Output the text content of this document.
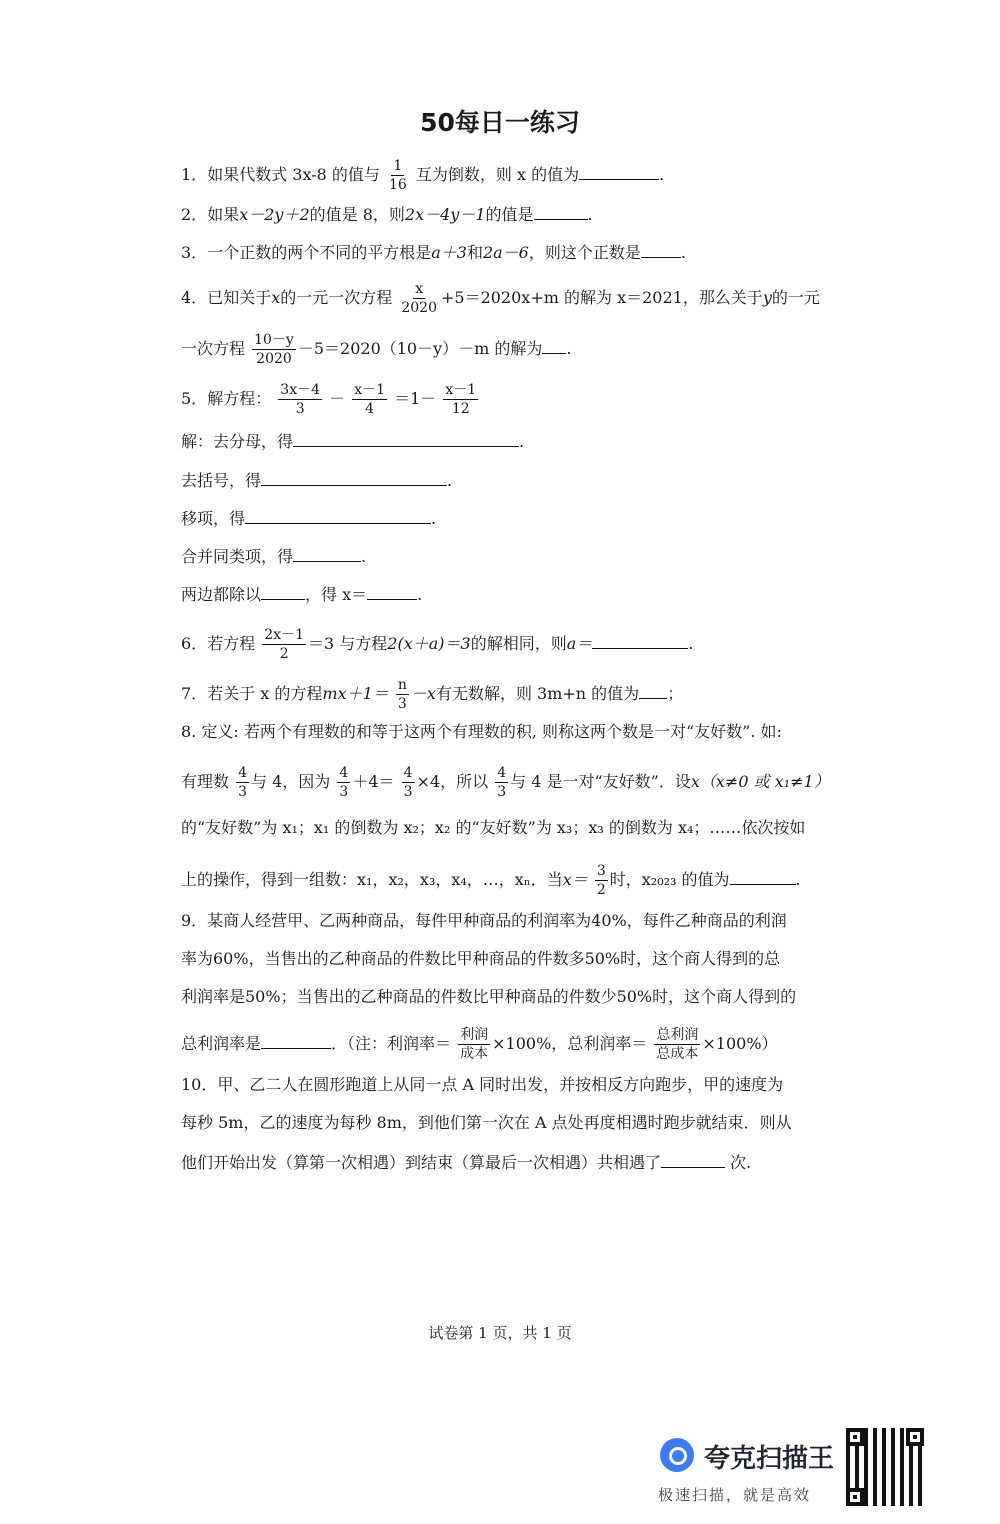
50每日一练习
1．如果代数式 3x-8 的值与 $\frac{1}{16}$ 互为倒数，则 x 的值为	.
2．如果x－2y＋2的值是 8，则2x－4y－1的值是	.
3．一个正数的两个不同的平方根是a＋3和2a－6，则这个正数是	.
4．已知关于x的一元一次方程 $\frac{x}{2020} +5=2020x+m$ 的解为 x＝2021，那么关于y的一元
一次方程 $\frac{10-y}{2020} -5=2020(10-y)-m$ 的解为 .
5．解方程： $\frac{3x-4}{3} - \frac{x-1}{4} =1- \frac{x-1}{12}$
解：去分母，得	.
去括号，得	.
移项，得	.
合并同类项，得	.
两边都除以	，得 x＝	.
6．若方程 $\frac{2x-1}{2} =3$ 与方程2(x＋a)＝3的解相同，则a＝	.
7．若关于 x 的方程$mx+1= \frac{n}{3} -x$有无数解，则 3m+n 的值为 ；
8. 定义: 若两个有理数的和等于这两个有理数的积, 则称这两个数是一对“友好数”. 如:
有理数 $\frac{4}{3}$ 与 4，因为 $\frac{4}{3} +4= \frac{4}{3} \times 4$，所以 $\frac{4}{3}$ 与 4 是一对“友好数”．设x（x≠0 或 x₁≠1）
的“友好数”为 x₁；x₁ 的倒数为 x₂；x₂ 的“友好数”为 x₃；x₃ 的倒数为 x₄；……依次按如
上的操作，得到一组数：x₁，x₂，x₃，x₄，…，xₙ．当$x= \frac{3}{2}$ 时，x₂₀₂₃ 的值为	.
9．某商人经营甲、乙两种商品，每件甲种商品的利润率为40%，每件乙种商品的利润
率为60%，当售出的乙种商品的件数比甲种商品的件数多50%时，这个商人得到的总
利润率是50%；当售出的乙种商品的件数比甲种商品的件数少50%时，这个商人得到的
总利润率是	．（注：利润率＝ $\frac{\text{利润}}{\text{成本}} \times 100\%$，总利润率＝ $\frac{\text{总利润}}{\text{总成本}} \times 100\%$）
10．甲、乙二人在圆形跑道上从同一点 A 同时出发，并按相反方向跑步，甲的速度为
每秒 5m，乙的速度为每秒 8m，到他们第一次在 A 点处再度相遇时跑步就结束．则从
他们开始出发（算第一次相遇）到结束（算最后一次相遇）共相遇了	次.
试卷第 1 页，共 1 页
夸克扫描王
极速扫描，就是高效
